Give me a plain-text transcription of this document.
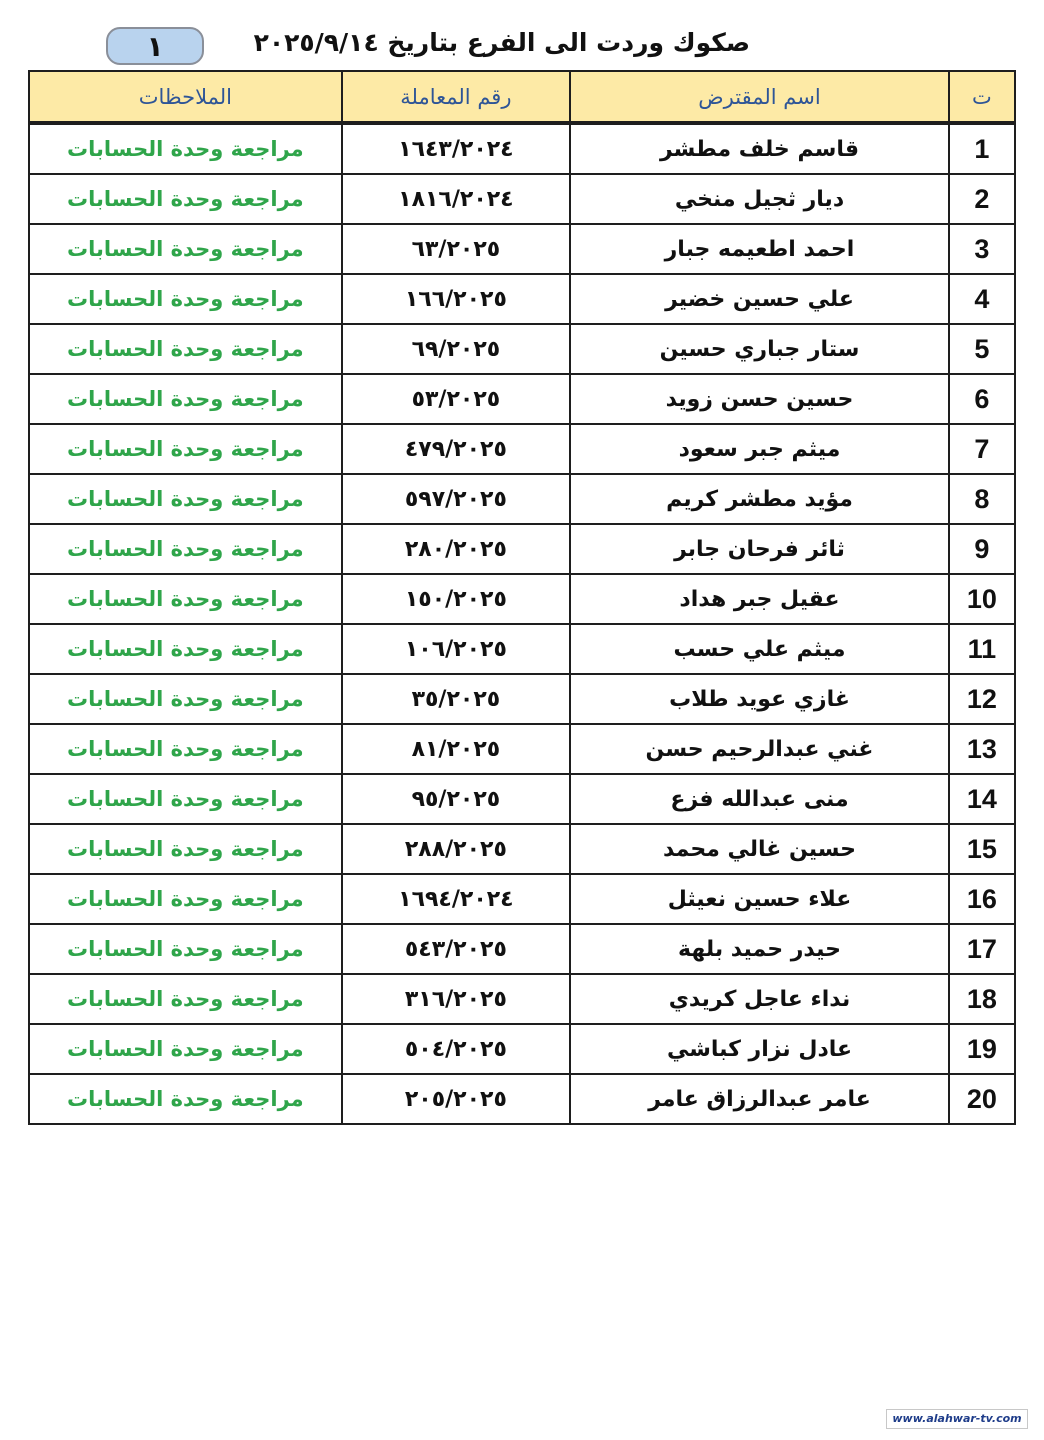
١	صكوك وردت الى الفرع بتاريخ ٢٠٢٥/٩/١٤
ت	اسم المقترض	رقم المعاملة	الملاحظات
1	قاسم خلف مطشر	١٦٤٣/٢٠٢٤	مراجعة وحدة الحسابات
2	ديار ثجيل منخي	١٨١٦/٢٠٢٤	مراجعة وحدة الحسابات
3	احمد اطعيمه جبار	٦٣/٢٠٢٥	مراجعة وحدة الحسابات
4	علي حسين خضير	١٦٦/٢٠٢٥	مراجعة وحدة الحسابات
5	ستار جباري حسين	٦٩/٢٠٢٥	مراجعة وحدة الحسابات
6	حسين حسن زويد	٥٣/٢٠٢٥	مراجعة وحدة الحسابات
7	ميثم جبر سعود	٤٧٩/٢٠٢٥	مراجعة وحدة الحسابات
8	مؤيد مطشر كريم	٥٩٧/٢٠٢٥	مراجعة وحدة الحسابات
9	ثائر فرحان جابر	٢٨٠/٢٠٢٥	مراجعة وحدة الحسابات
10	عقيل جبر هداد	١٥٠/٢٠٢٥	مراجعة وحدة الحسابات
11	ميثم علي حسب	١٠٦/٢٠٢٥	مراجعة وحدة الحسابات
12	غازي عويد طلاب	٣٥/٢٠٢٥	مراجعة وحدة الحسابات
13	غني عبدالرحيم حسن	٨١/٢٠٢٥	مراجعة وحدة الحسابات
14	منى عبدالله فزع	٩٥/٢٠٢٥	مراجعة وحدة الحسابات
15	حسين غالي محمد	٢٨٨/٢٠٢٥	مراجعة وحدة الحسابات
16	علاء حسين نعيثل	١٦٩٤/٢٠٢٤	مراجعة وحدة الحسابات
17	حيدر حميد بلهة	٥٤٣/٢٠٢٥	مراجعة وحدة الحسابات
18	نداء عاجل كريدي	٣١٦/٢٠٢٥	مراجعة وحدة الحسابات
19	عادل نزار كباشي	٥٠٤/٢٠٢٥	مراجعة وحدة الحسابات
20	عامر عبدالرزاق عامر	٢٠٥/٢٠٢٥	مراجعة وحدة الحسابات
www.alahwar-tv.com
